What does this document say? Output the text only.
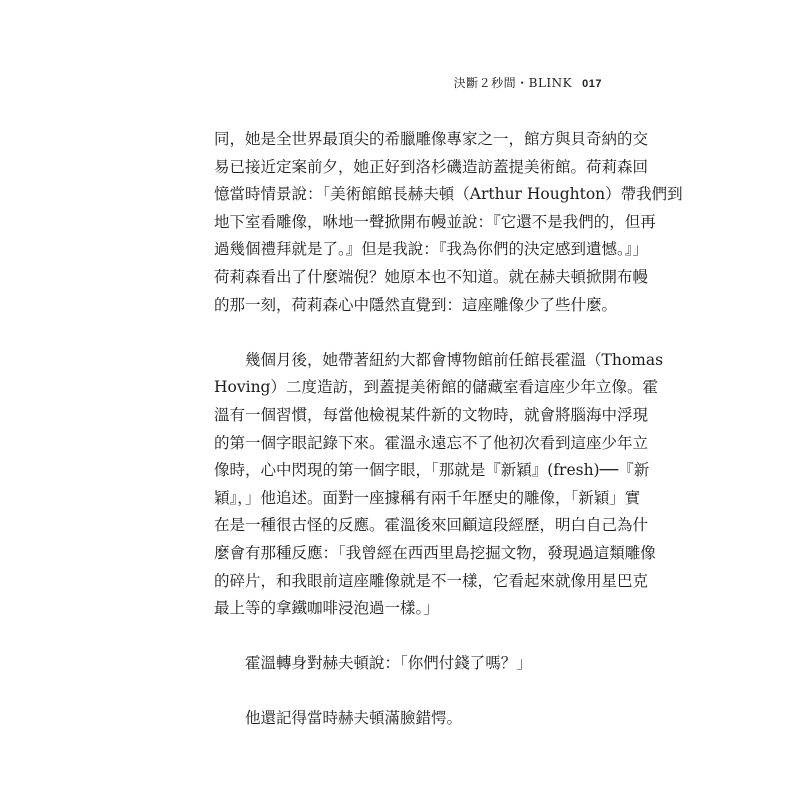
決斷２秒間・BLINK 017
同，她是全世界最頂尖的希臘雕像專家之一，館方與貝奇納的交
易已接近定案前夕，她正好到洛杉磯造訪蓋提美術館。荷莉森回
憶當時情景說：「美術館館長赫夫頓（Arthur Houghton）帶我們到
地下室看雕像，咻地一聲掀開布幔並說：『它還不是我們的，但再
過幾個禮拜就是了。』但是我說：『我為你們的決定感到遺憾。』」
荷莉森看出了什麼端倪？她原本也不知道。就在赫夫頓掀開布幔
的那一刻，荷莉森心中隱然直覺到：這座雕像少了些什麼。
　　幾個月後，她帶著紐約大都會博物館前任館長霍溫（Thomas
Hoving）二度造訪，到蓋提美術館的儲藏室看這座少年立像。霍
溫有一個習慣，每當他檢視某件新的文物時，就會將腦海中浮現
的第一個字眼記錄下來。霍溫永遠忘不了他初次看到這座少年立
像時，心中閃現的第一個字眼，「那就是『新穎』(fresh)──『新
穎』，」他追述。面對一座據稱有兩千年歷史的雕像，「新穎」實
在是一種很古怪的反應。霍溫後來回顧這段經歷，明白自己為什
麼會有那種反應：「我曾經在西西里島挖掘文物，發現過這類雕像
的碎片，和我眼前這座雕像就是不一樣，它看起來就像用星巴克
最上等的拿鐵咖啡浸泡過一樣。」
　　霍溫轉身對赫夫頓說：「你們付錢了嗎？」
　　他還記得當時赫夫頓滿臉錯愕。
